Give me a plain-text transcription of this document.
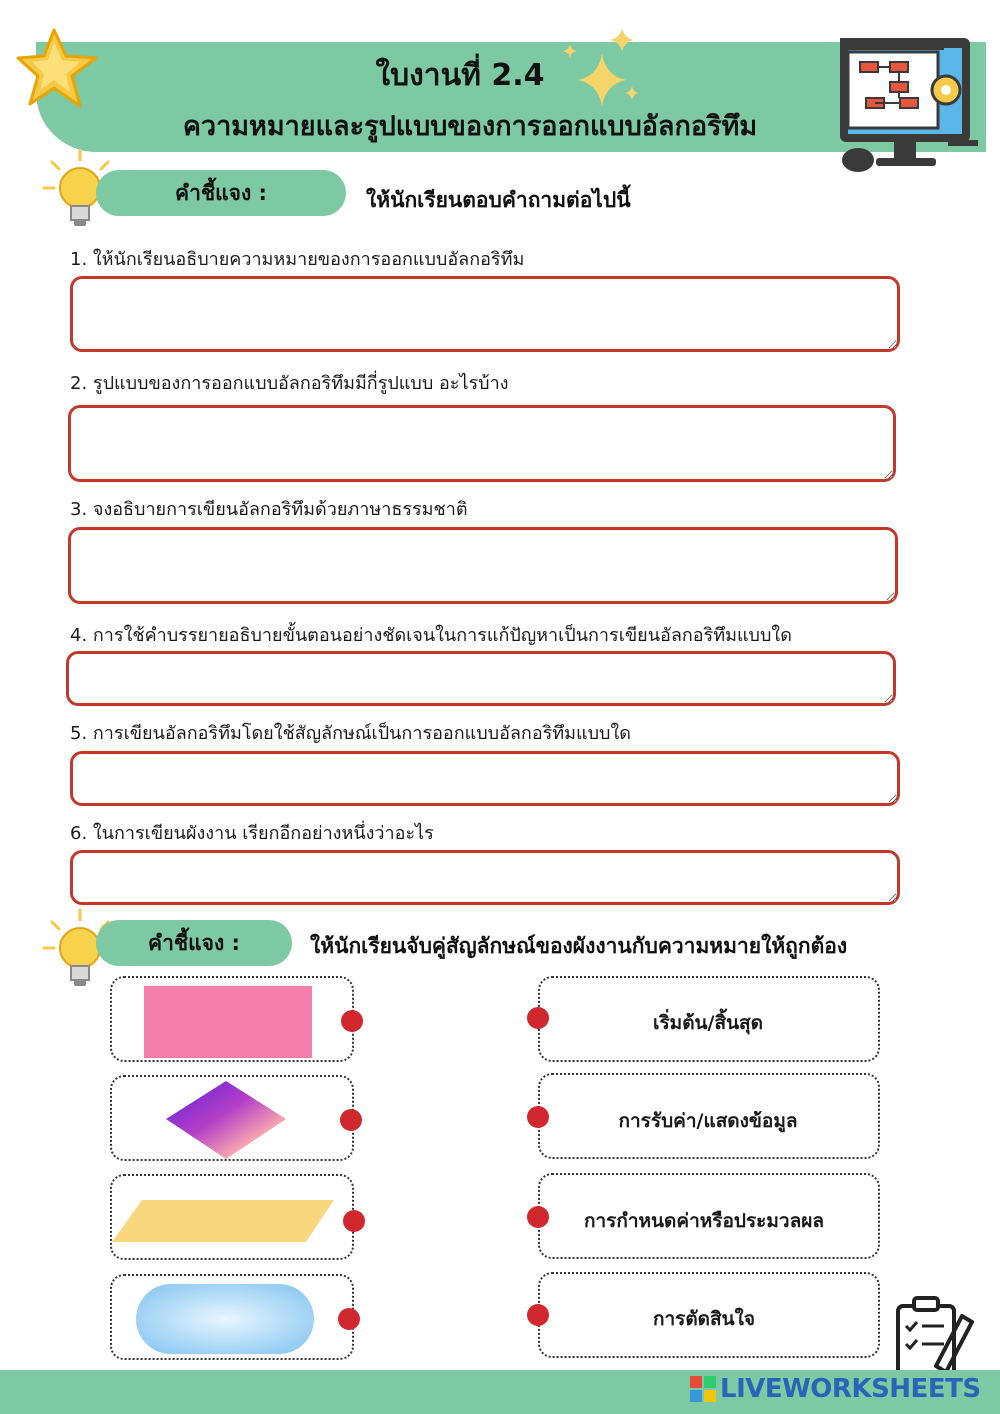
ใบงานที่ 2.4
ความหมายและรูปแบบของการออกแบบอัลกอริทึม
คำชี้แจง :	ให้นักเรียนตอบคำถามต่อไปนี้
1. ให้นักเรียนอธิบายความหมายของการออกแบบอัลกอริทึม
2. รูปแบบของการออกแบบอัลกอริทึมมีกี่รูปแบบ อะไรบ้าง
3. จงอธิบายการเขียนอัลกอริทึมด้วยภาษาธรรมชาติ
4. การใช้คำบรรยายอธิบายขั้นตอนอย่างชัดเจนในการแก้ปัญหาเป็นการเขียนอัลกอริทึมแบบใด
5. การเขียนอัลกอริทึมโดยใช้สัญลักษณ์เป็นการออกแบบอัลกอริทึมแบบใด
6. ในการเขียนผังงาน เรียกอีกอย่างหนึ่งว่าอะไร
คำชี้แจง :	ให้นักเรียนจับคู่สัญลักษณ์ของผังงานกับความหมายให้ถูกต้อง
เริ่มต้น/สิ้นสุด
การรับค่า/แสดงข้อมูล
การกำหนดค่าหรือประมวลผล
การตัดสินใจ
LIVEWORKSHEETS
